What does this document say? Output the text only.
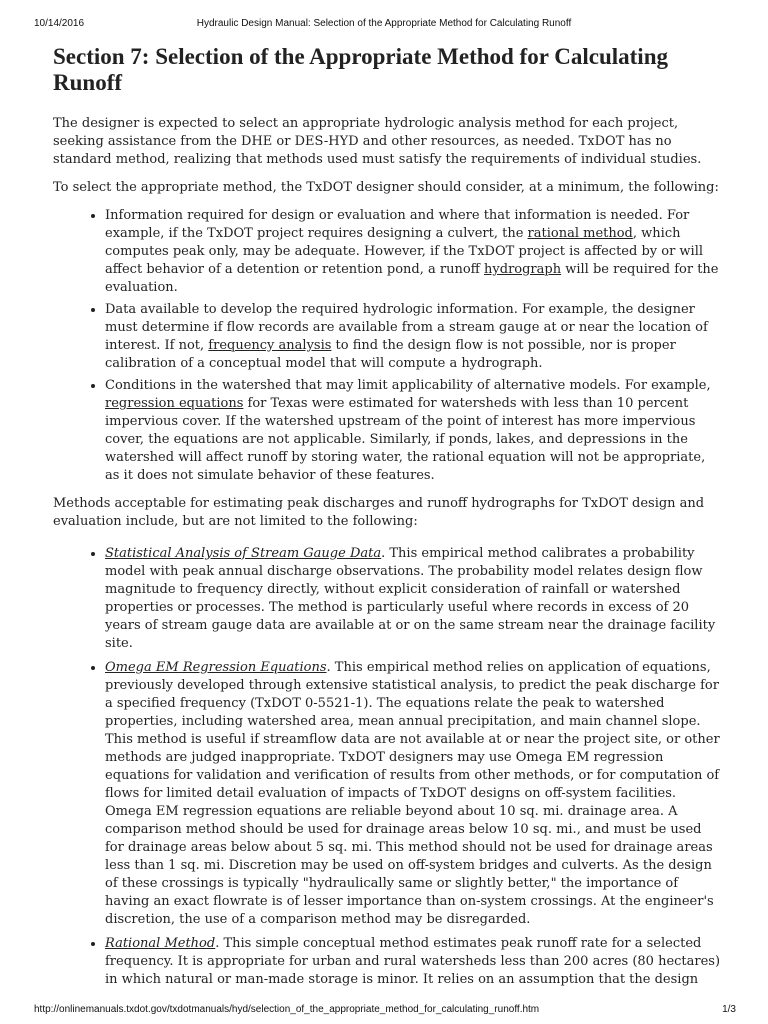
10/14/2016	Hydraulic Design Manual: Selection of the Appropriate Method for Calculating Runoff
Section 7: Selection of the Appropriate Method for Calculating Runoff

The designer is expected to select an appropriate hydrologic analysis method for each project, seeking assistance from the DHE or DES-HYD and other resources, as needed. TxDOT has no standard method, realizing that methods used must satisfy the requirements of individual studies.

To select the appropriate method, the TxDOT designer should consider, at a minimum, the following:

• Information required for design or evaluation and where that information is needed. For example, if the TxDOT project requires designing a culvert, the rational method, which computes peak only, may be adequate. However, if the TxDOT project is affected by or will affect behavior of a detention or retention pond, a runoff hydrograph will be required for the evaluation.
• Data available to develop the required hydrologic information. For example, the designer must determine if flow records are available from a stream gauge at or near the location of interest. If not, frequency analysis to find the design flow is not possible, nor is proper calibration of a conceptual model that will compute a hydrograph.
• Conditions in the watershed that may limit applicability of alternative models. For example, regression equations for Texas were estimated for watersheds with less than 10 percent impervious cover. If the watershed upstream of the point of interest has more impervious cover, the equations are not applicable. Similarly, if ponds, lakes, and depressions in the watershed will affect runoff by storing water, the rational equation will not be appropriate, as it does not simulate behavior of these features.

Methods acceptable for estimating peak discharges and runoff hydrographs for TxDOT design and evaluation include, but are not limited to the following:

• Statistical Analysis of Stream Gauge Data. This empirical method calibrates a probability model with peak annual discharge observations. The probability model relates design flow magnitude to frequency directly, without explicit consideration of rainfall or watershed properties or processes. The method is particularly useful where records in excess of 20 years of stream gauge data are available at or on the same stream near the drainage facility site.
• Omega EM Regression Equations. This empirical method relies on application of equations, previously developed through extensive statistical analysis, to predict the peak discharge for a specified frequency (TxDOT 0-5521-1). The equations relate the peak to watershed properties, including watershed area, mean annual precipitation, and main channel slope. This method is useful if streamflow data are not available at or near the project site, or other methods are judged inappropriate. TxDOT designers may use Omega EM regression equations for validation and verification of results from other methods, or for computation of flows for limited detail evaluation of impacts of TxDOT designs on off-system facilities. Omega EM regression equations are reliable beyond about 10 sq. mi. drainage area. A comparison method should be used for drainage areas below 10 sq. mi., and must be used for drainage areas below about 5 sq. mi. This method should not be used for drainage areas less than 1 sq. mi. Discretion may be used on off-system bridges and culverts. As the design of these crossings is typically "hydraulically same or slightly better," the importance of having an exact flowrate is of lesser importance than on-system crossings. At the engineer's discretion, the use of a comparison method may be disregarded.
• Rational Method. This simple conceptual method estimates peak runoff rate for a selected frequency. It is appropriate for urban and rural watersheds less than 200 acres (80 hectares) in which natural or man-made storage is minor. It relies on an assumption that the design
http://onlinemanuals.txdot.gov/txdotmanuals/hyd/selection_of_the_appropriate_method_for_calculating_runoff.htm	1/3
